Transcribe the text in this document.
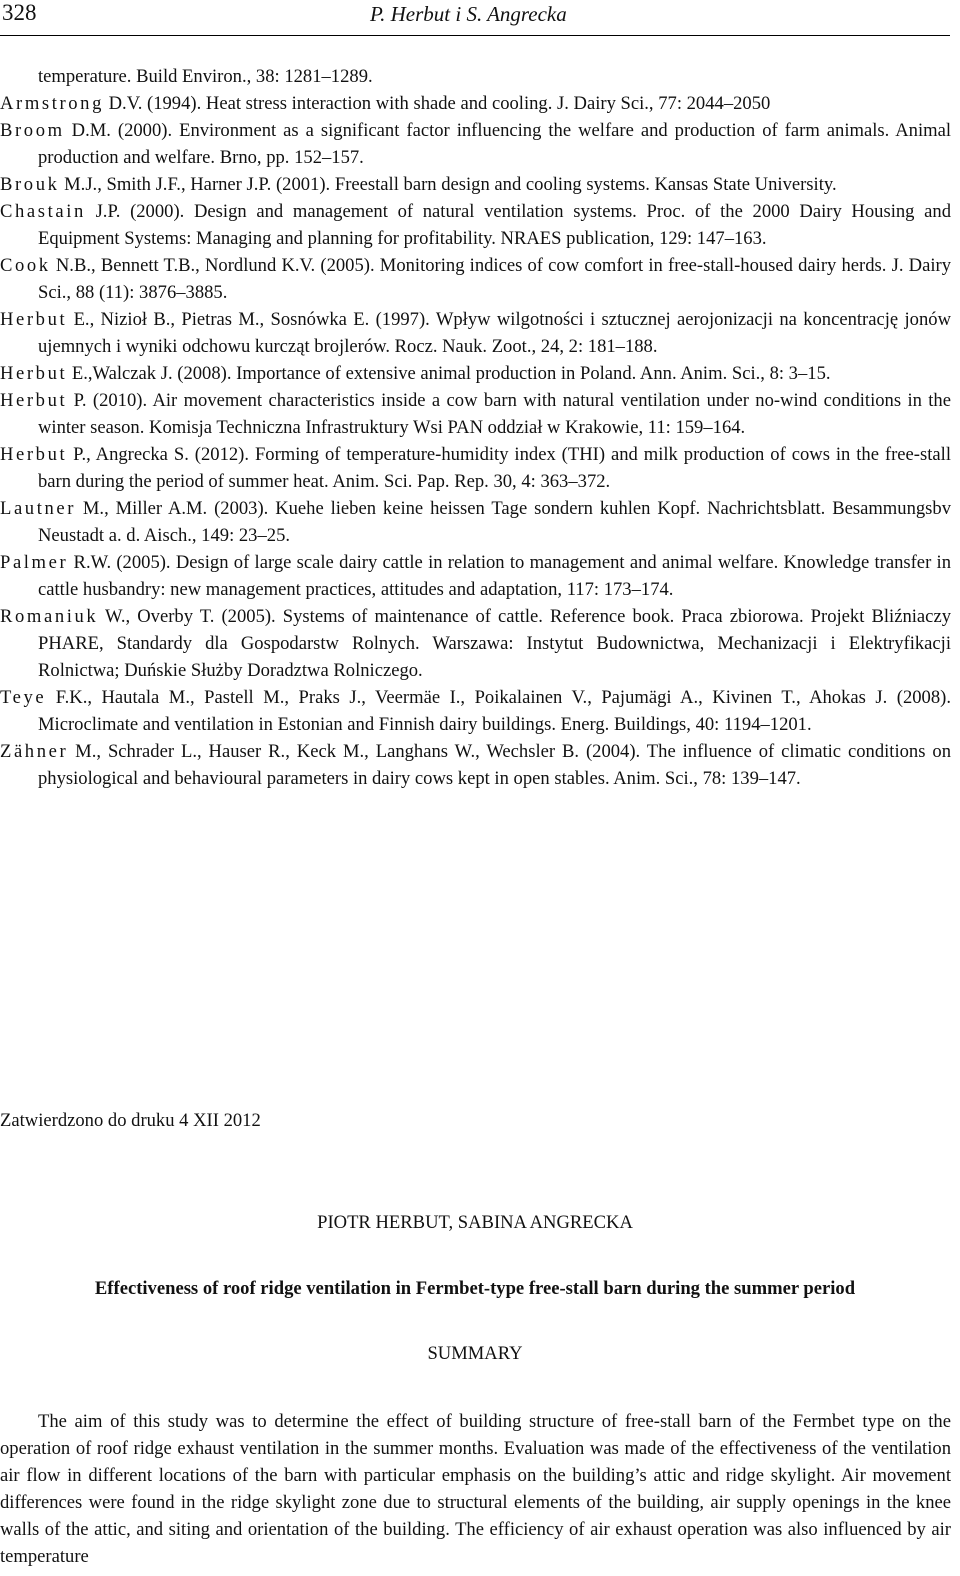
328	P. Herbut i S. Angrecka

temperature. Build Environ., 38: 1281–1289.

Armstrong D.V. (1994). Heat stress interaction with shade and cooling. J. Dairy Sci., 77: 2044–2050

Broom D.M. (2000). Environment as a significant factor influencing the welfare and production of farm animals. Animal production and welfare. Brno, pp. 152–157.

Brouk M.J., Smith J.F., Harner J.P. (2001). Freestall barn design and cooling systems. Kansas State University.

Chastain J.P. (2000). Design and management of natural ventilation systems. Proc. of the 2000 Dairy Housing and Equipment Systems: Managing and planning for profitability. NRAES publication, 129: 147–163.

Cook N.B., Bennett T.B., Nordlund K.V. (2005). Monitoring indices of cow comfort in free-stall-housed dairy herds. J. Dairy Sci., 88 (11): 3876–3885.

Herbut E., Nizioł B., Pietras M., Sosnówka E. (1997). Wpływ wilgotności i sztucznej aerojonizacji na koncentrację jonów ujemnych i wyniki odchowu kurcząt brojlerów. Rocz. Nauk. Zoot., 24, 2: 181–188.

Herbut E.,Walczak J. (2008). Importance of extensive animal production in Poland. Ann. Anim. Sci., 8: 3–15.

Herbut P. (2010). Air movement characteristics inside a cow barn with natural ventilation under no-wind conditions in the winter season. Komisja Techniczna Infrastruktury Wsi PAN oddział w Krakowie, 11: 159–164.

Herbut P., Angrecka S. (2012). Forming of temperature-humidity index (THI) and milk production of cows in the free-stall barn during the period of summer heat. Anim. Sci. Pap. Rep. 30, 4: 363–372.

Lautner M., Miller A.M. (2003). Kuehe lieben keine heissen Tage sondern kuhlen Kopf. Nachrichtsblatt. Besammungsbv Neustadt a. d. Aisch., 149: 23–25.

Palmer R.W. (2005). Design of large scale dairy cattle in relation to management and animal welfare. Knowledge transfer in cattle husbandry: new management practices, attitudes and adaptation, 117: 173–174.

Romaniuk W., Overby T. (2005). Systems of maintenance of cattle. Reference book. Praca zbiorowa. Projekt Bliźniaczy PHARE, Standardy dla Gospodarstw Rolnych. Warszawa: Instytut Budownictwa, Mechanizacji i Elektryfikacji Rolnictwa; Duńskie Służby Doradztwa Rolniczego.

Teye F.K., Hautala M., Pastell M., Praks J., Veermäe I., Poikalainen V., Pajumägi A., Kivinen T., Ahokas J. (2008). Microclimate and ventilation in Estonian and Finnish dairy buildings. Energ. Buildings, 40: 1194–1201.

Zähner M., Schrader L., Hauser R., Keck M., Langhans W., Wechsler B. (2004). The influence of climatic conditions on physiological and behavioural parameters in dairy cows kept in open stables. Anim. Sci., 78: 139–147.

Zatwierdzono do druku 4 XII 2012
PIOTR HERBUT, SABINA ANGRECKA
Effectiveness of roof ridge ventilation in Fermbet-type free-stall barn during the summer period
SUMMARY

The aim of this study was to determine the effect of building structure of free-stall barn of the Fermbet type on the operation of roof ridge exhaust ventilation in the summer months. Evaluation was made of the effectiveness of the ventilation air flow in different locations of the barn with particular emphasis on the building’s attic and ridge skylight. Air movement differences were found in the ridge skylight zone due to structural elements of the building, air supply openings in the knee walls of the attic, and siting and orientation of the building. The efficiency of air exhaust operation was also influenced by air temperature
